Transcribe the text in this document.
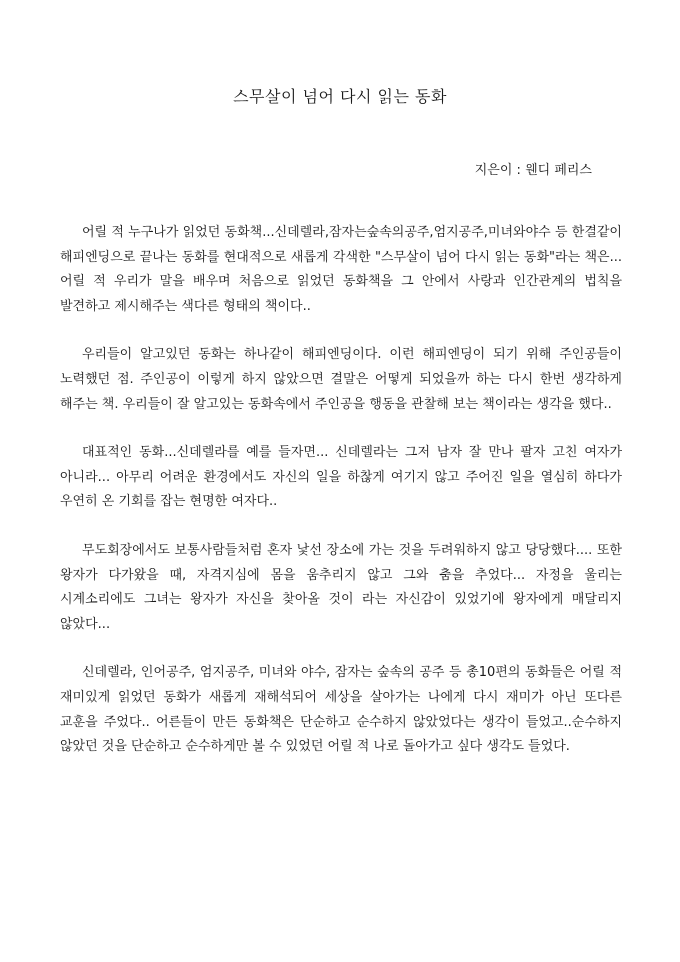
스무살이 넘어 다시 읽는 동화

지은이 : 웬디 페리스

어릴 적 누구나가 읽었던 동화책...신데렐라,잠자는숲속의공주,엄지공주,미녀와야수 등 한결같이 해피엔딩으로 끝나는 동화를 현대적으로 새롭게 각색한 "스무살이 넘어 다시 읽는 동화"라는 책은... 어릴 적 우리가 말을 배우며 처음으로 읽었던 동화책을 그 안에서 사랑과 인간관계의 법칙을 발견하고 제시해주는 색다른 형태의 책이다..

우리들이 알고있던 동화는 하나같이 해피엔딩이다. 이런 해피엔딩이 되기 위해 주인공들이 노력했던 점. 주인공이 이렇게 하지 않았으면 결말은 어떻게 되었을까 하는 다시 한번 생각하게 해주는 책. 우리들이 잘 알고있는 동화속에서 주인공을 행동을 관찰해 보는 책이라는 생각을 했다..

대표적인 동화...신데렐라를 예를 들자면... 신데렐라는 그저 남자 잘 만나 팔자 고친 여자가 아니라... 아무리 어려운 환경에서도 자신의 일을 하찮게 여기지 않고 주어진 일을 열심히 하다가 우연히 온 기회를 잡는 현명한 여자다..

무도회장에서도 보통사람들처럼 혼자 낯선 장소에 가는 것을 두려워하지 않고 당당했다.... 또한 왕자가 다가왔을 때, 자격지심에 몸을 움추리지 않고 그와 춤을 추었다... 자정을 울리는 시계소리에도 그녀는 왕자가 자신을 찾아올 것이 라는 자신감이 있었기에 왕자에게 매달리지 않았다...

신데렐라, 인어공주, 엄지공주, 미녀와 야수, 잠자는 숲속의 공주 등 총10편의 동화들은 어릴 적 재미있게 읽었던 동화가 새롭게 재해석되어 세상을 살아가는 나에게 다시 재미가 아닌 또다른 교훈을 주었다.. 어른들이 만든 동화책은 단순하고 순수하지 않았었다는 생각이 들었고..순수하지 않았던 것을 단순하고 순수하게만 볼 수 있었던 어릴 적 나로 돌아가고 싶다 생각도 들었다.
